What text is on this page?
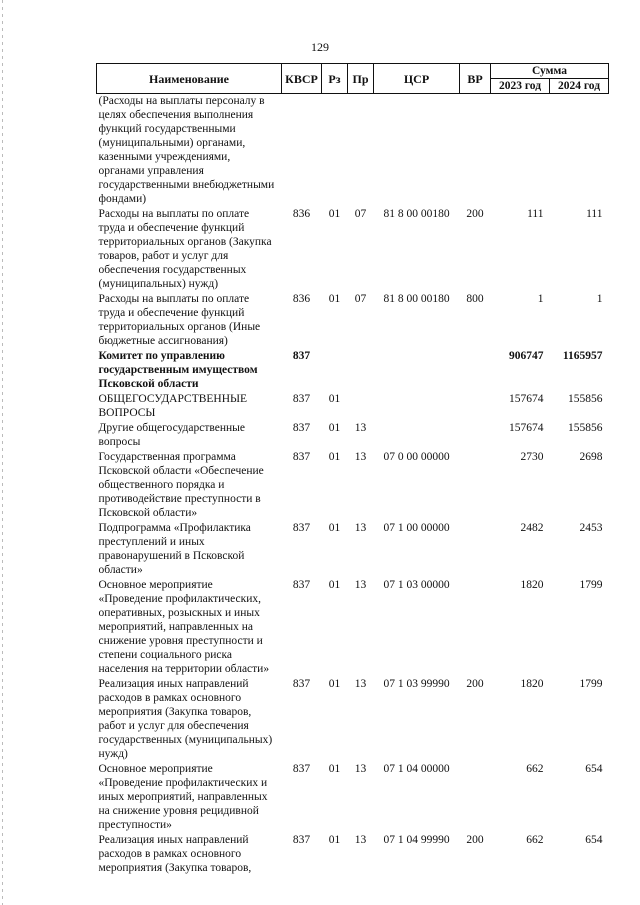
129
Наименование	КВСР	Рз	Пр	ЦСР	ВР	Сумма	
						2023 год	2024 год
(Расходы на выплаты персоналу в целях обеспечения выполнения функций государственными (муниципальными) органами, казенными учреждениями, органами управления государственными внебюджетными фондами)							
Расходы на выплаты по оплате труда и обеспечение функций территориальных органов (Закупка товаров, работ и услуг для обеспечения государственных (муниципальных) нужд)	836	01	07	81 8 00 00180	200	111	111
Расходы на выплаты по оплате труда и обеспечение функций территориальных органов (Иные бюджетные ассигнования)	836	01	07	81 8 00 00180	800	1	1
Комитет по управлению государственным имуществом Псковской области	837					906747	1165957
ОБЩЕГОСУДАРСТВЕННЫЕ ВОПРОСЫ	837	01				157674	155856
Другие общегосударственные вопросы	837	01	13			157674	155856
Государственная программа Псковской области «Обеспечение общественного порядка и противодействие преступности в Псковской области»	837	01	13	07 0 00 00000		2730	2698
Подпрограмма «Профилактика преступлений и иных правонарушений в Псковской области»	837	01	13	07 1 00 00000		2482	2453
Основное мероприятие «Проведение профилактических, оперативных, розыскных и иных мероприятий, направленных на снижение уровня преступности и степени социального риска населения на территории области»	837	01	13	07 1 03 00000		1820	1799
Реализация иных направлений расходов в рамках основного мероприятия (Закупка товаров, работ и услуг для обеспечения государственных (муниципальных) нужд)	837	01	13	07 1 03 99990	200	1820	1799
Основное мероприятие «Проведение профилактических и иных мероприятий, направленных на снижение уровня рецидивной преступности»	837	01	13	07 1 04 00000		662	654
Реализация иных направлений расходов в рамках основного мероприятия (Закупка товаров,	837	01	13	07 1 04 99990	200	662	654
